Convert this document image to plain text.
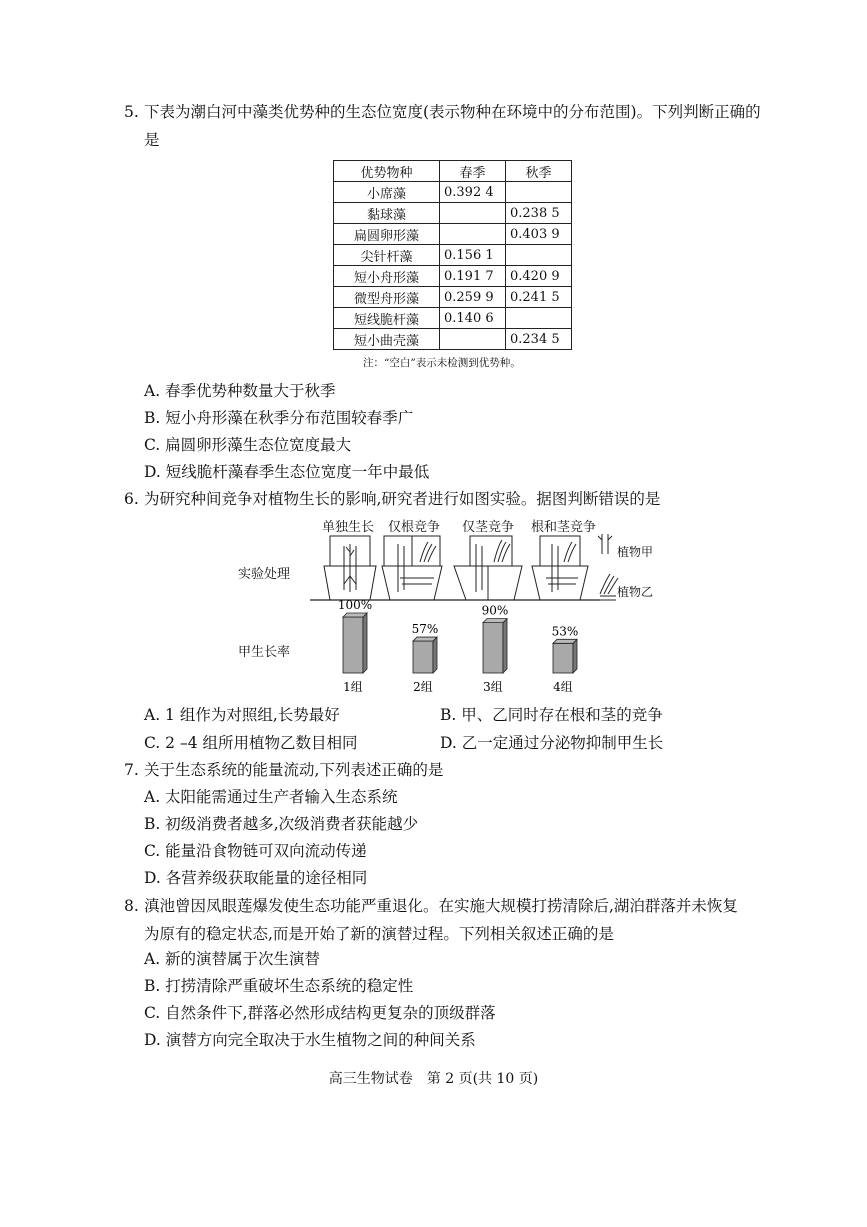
5. 下表为潮白河中藻类优势种的生态位宽度(表示物种在环境中的分布范围)。下列判断正确的是
优势物种	春季	秋季
小席藻	0.392 4	
黏球藻		0.238 5
扁圆卵形藻		0.403 9
尖针杆藻	0.156 1	
短小舟形藻	0.191 7	0.420 9
微型舟形藻	0.259 9	0.241 5
短线脆杆藻	0.140 6	
短小曲壳藻		0.234 5
注：“空白”表示未检测到优势种。
A. 春季优势种数量大于秋季
B. 短小舟形藻在秋季分布范围较春季广
C. 扁圆卵形藻生态位宽度最大
D. 短线脆杆藻春季生态位宽度一年中最低
6. 为研究种间竞争对植物生长的影响,研究者进行如图实验。据图判断错误的是
单独生长 仅根竞争 仅茎竞争 根和茎竞争
实验处理
甲生长率
植物甲
植物乙
100%
1组
57%
2组
90%
3组
53%
4组
A. 1 组作为对照组,长势最好	B. 甲、乙同时存在根和茎的竞争
C. 2 –4 组所用植物乙数目相同	D. 乙一定通过分泌物抑制甲生长
7. 关于生态系统的能量流动,下列表述正确的是
A. 太阳能需通过生产者输入生态系统
B. 初级消费者越多,次级消费者获能越少
C. 能量沿食物链可双向流动传递
D. 各营养级获取能量的途径相同
8. 滇池曾因凤眼莲爆发使生态功能严重退化。在实施大规模打捞清除后,湖泊群落并未恢复为原有的稳定状态,而是开始了新的演替过程。下列相关叙述正确的是
A. 新的演替属于次生演替
B. 打捞清除严重破坏生态系统的稳定性
C. 自然条件下,群落必然形成结构更复杂的顶级群落
D. 演替方向完全取决于水生植物之间的种间关系
高三生物试卷　第 2 页(共 10 页)
